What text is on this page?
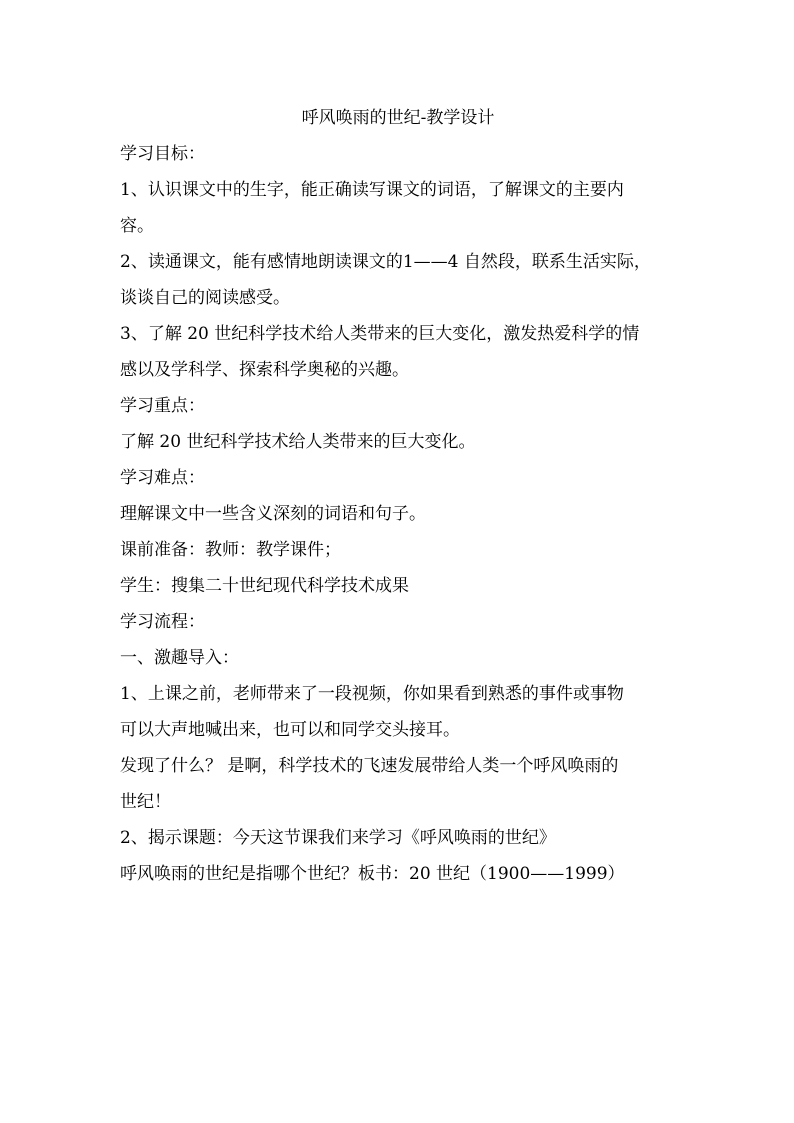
呼风唤雨的世纪-教学设计
学习目标：
1、认识课文中的生字，能正确读写课文的词语，了解课文的主要内
容。
2、读通课文，能有感情地朗读课文的1——4 自然段，联系生活实际，
谈谈自己的阅读感受。
3、了解 20 世纪科学技术给人类带来的巨大变化，激发热爱科学的情
感以及学科学、探索科学奥秘的兴趣。
学习重点：
了解 20 世纪科学技术给人类带来的巨大变化。
学习难点：
理解课文中一些含义深刻的词语和句子。
课前准备：教师：教学课件；
学生：搜集二十世纪现代科学技术成果
学习流程：
一、激趣导入：
1、上课之前，老师带来了一段视频，你如果看到熟悉的事件或事物
可以大声地喊出来，也可以和同学交头接耳。
发现了什么？ 是啊，科学技术的飞速发展带给人类一个呼风唤雨的
世纪！
2、揭示课题：今天这节课我们来学习《呼风唤雨的世纪》
呼风唤雨的世纪是指哪个世纪？板书：20 世纪（1900——1999）
